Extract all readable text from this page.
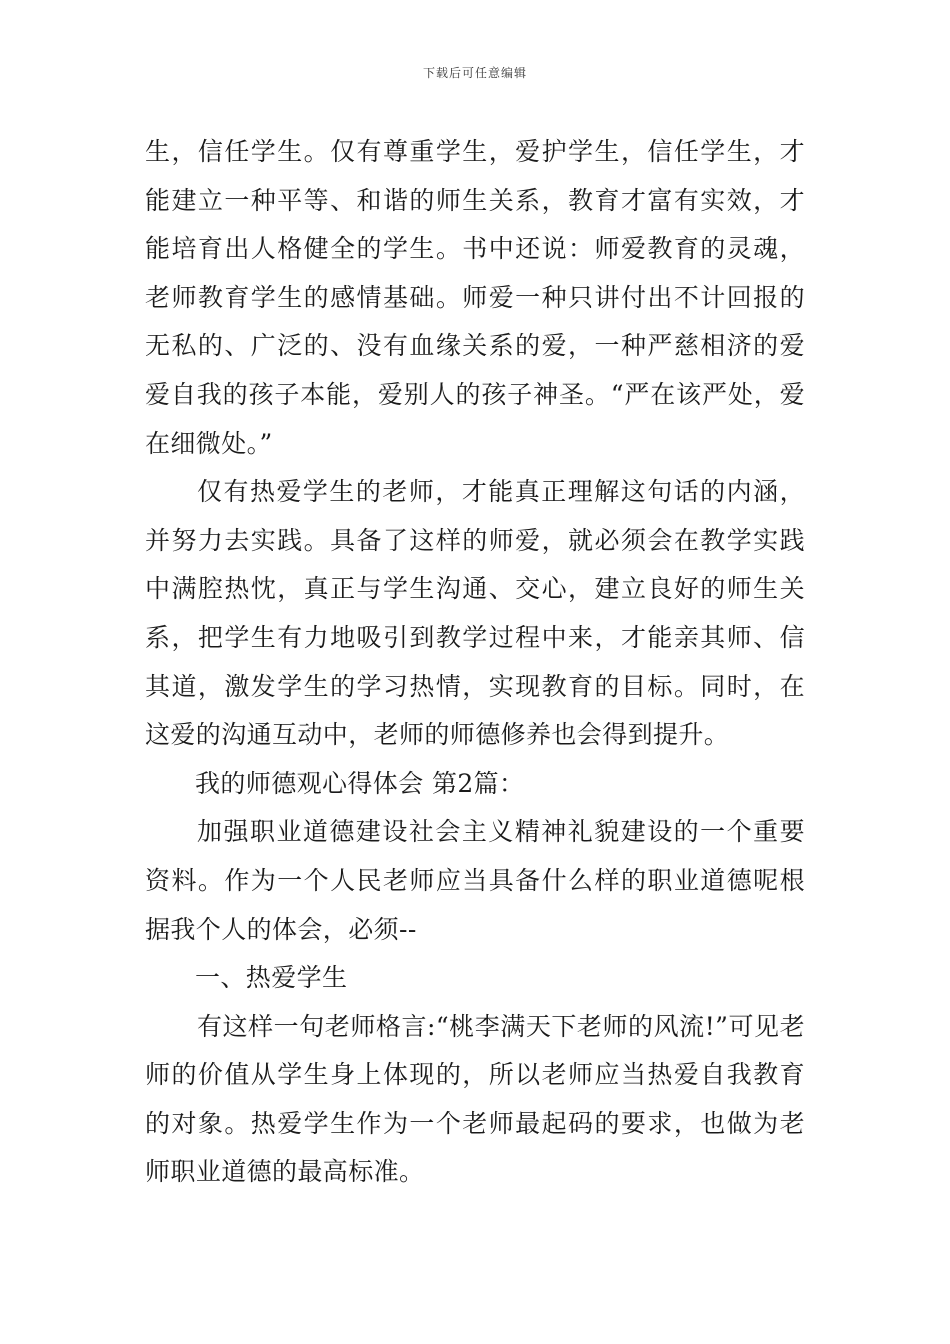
下载后可任意编辑

生，信任学生。仅有尊重学生，爱护学生，信任学生，才能建立一种平等、和谐的师生关系，教育才富有实效，才能培育出人格健全的学生。书中还说：师爱教育的灵魂，老师教育学生的感情基础。师爱一种只讲付出不计回报的无私的、广泛的、没有血缘关系的爱，一种严慈相济的爱爱自我的孩子本能，爱别人的孩子神圣。“严在该严处，爱在细微处。”

仅有热爱学生的老师，才能真正理解这句话的内涵，并努力去实践。具备了这样的师爱，就必须会在教学实践中满腔热忱，真正与学生沟通、交心，建立良好的师生关系，把学生有力地吸引到教学过程中来，才能亲其师、信其道，激发学生的学习热情，实现教育的目标。同时，在这爱的沟通互动中，老师的师德修养也会得到提升。

我的师德观心得体会 第2篇：

加强职业道德建设社会主义精神礼貌建设的一个重要资料。作为一个人民老师应当具备什么样的职业道德呢根据我个人的体会，必须--

一、热爱学生

有这样一句老师格言:“桃李满天下老师的风流!”可见老师的价值从学生身上体现的，所以老师应当热爱自我教育的对象。热爱学生作为一个老师最起码的要求，也做为老师职业道德的最高标准。
